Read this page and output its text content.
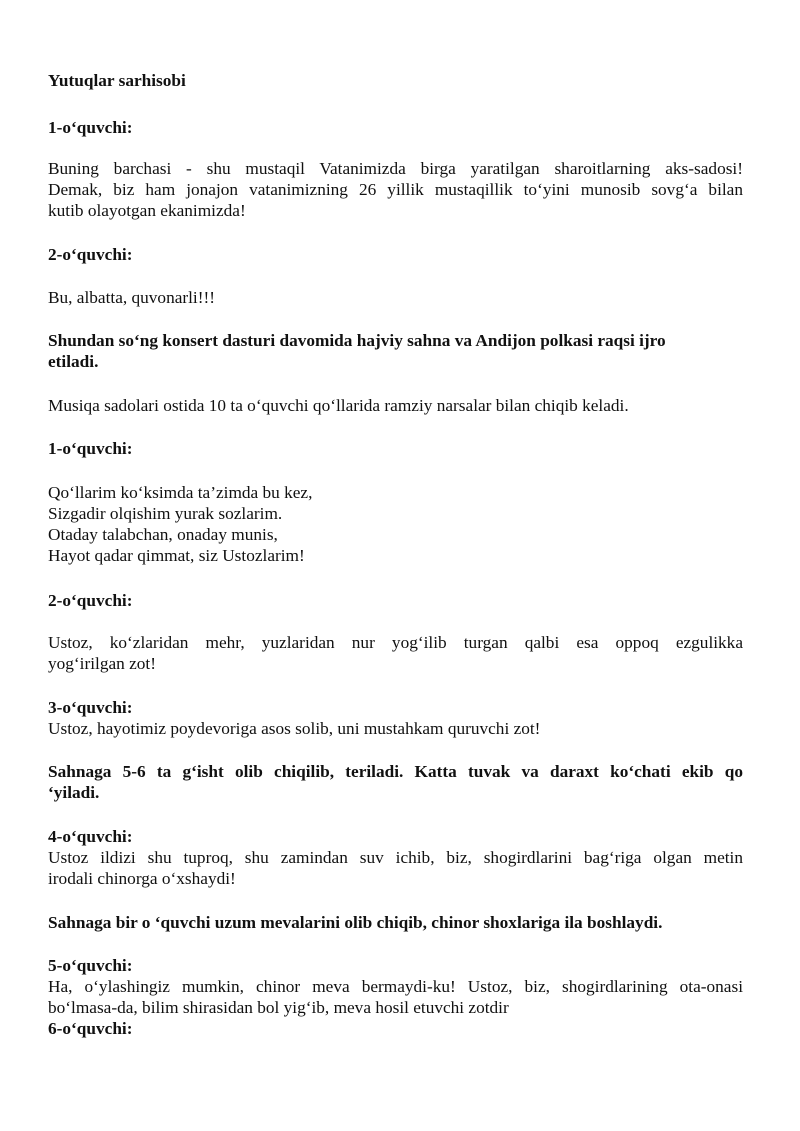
Yutuqlar sarhisobi

1-o‘quvchi:

Buning barchasi - shu mustaqil Vatanimizda birga yaratilgan sharoitlarning aks-sadosi!
Demak, biz ham jonajon vatanimizning 26 yillik mustaqillik to‘yini munosib sovg‘a bilan
kutib olayotgan ekanimizda!

2-o‘quvchi:

Bu, albatta, quvonarli!!!

Shundan so‘ng konsert dasturi davomida hajviy sahna va Andijon polkasi raqsi ijro
etiladi.

Musiqa sadolari ostida 10 ta o‘quvchi qo‘llarida ramziy narsalar bilan chiqib keladi.

1-o‘quvchi:

Qo‘llarim ko‘ksimda ta’zimda bu kez,
Sizgadir olqishim yurak sozlarim.
Otaday talabchan, onaday munis,
Hayot qadar qimmat, siz Ustozlarim!

2-o‘quvchi:

Ustoz, ko‘zlaridan mehr, yuzlaridan nur yog‘ilib turgan qalbi esa oppoq ezgulikka
yog‘irilgan zot!

3-o‘quvchi:

Ustoz, hayotimiz poydevoriga asos solib, uni mustahkam quruvchi zot!

Sahnaga 5-6 ta g‘isht olib chiqilib, teriladi. Katta tuvak va daraxt ko‘chati ekib qo
‘yiladi.

4-o‘quvchi:

Ustoz ildizi shu tuproq, shu zamindan suv ichib, biz, shogirdlarini bag‘riga olgan metin
irodali chinorga o‘xshaydi!

Sahnaga bir o ‘quvchi uzum mevalarini olib chiqib, chinor shoxlariga ila boshlaydi.

5-o‘quvchi:

Ha, o‘ylashingiz mumkin, chinor meva bermaydi-ku! Ustoz, biz, shogirdlarining ota-onasi
bo‘lmasa-da, bilim shirasidan bol yig‘ib, meva hosil etuvchi zotdir

6-o‘quvchi:
